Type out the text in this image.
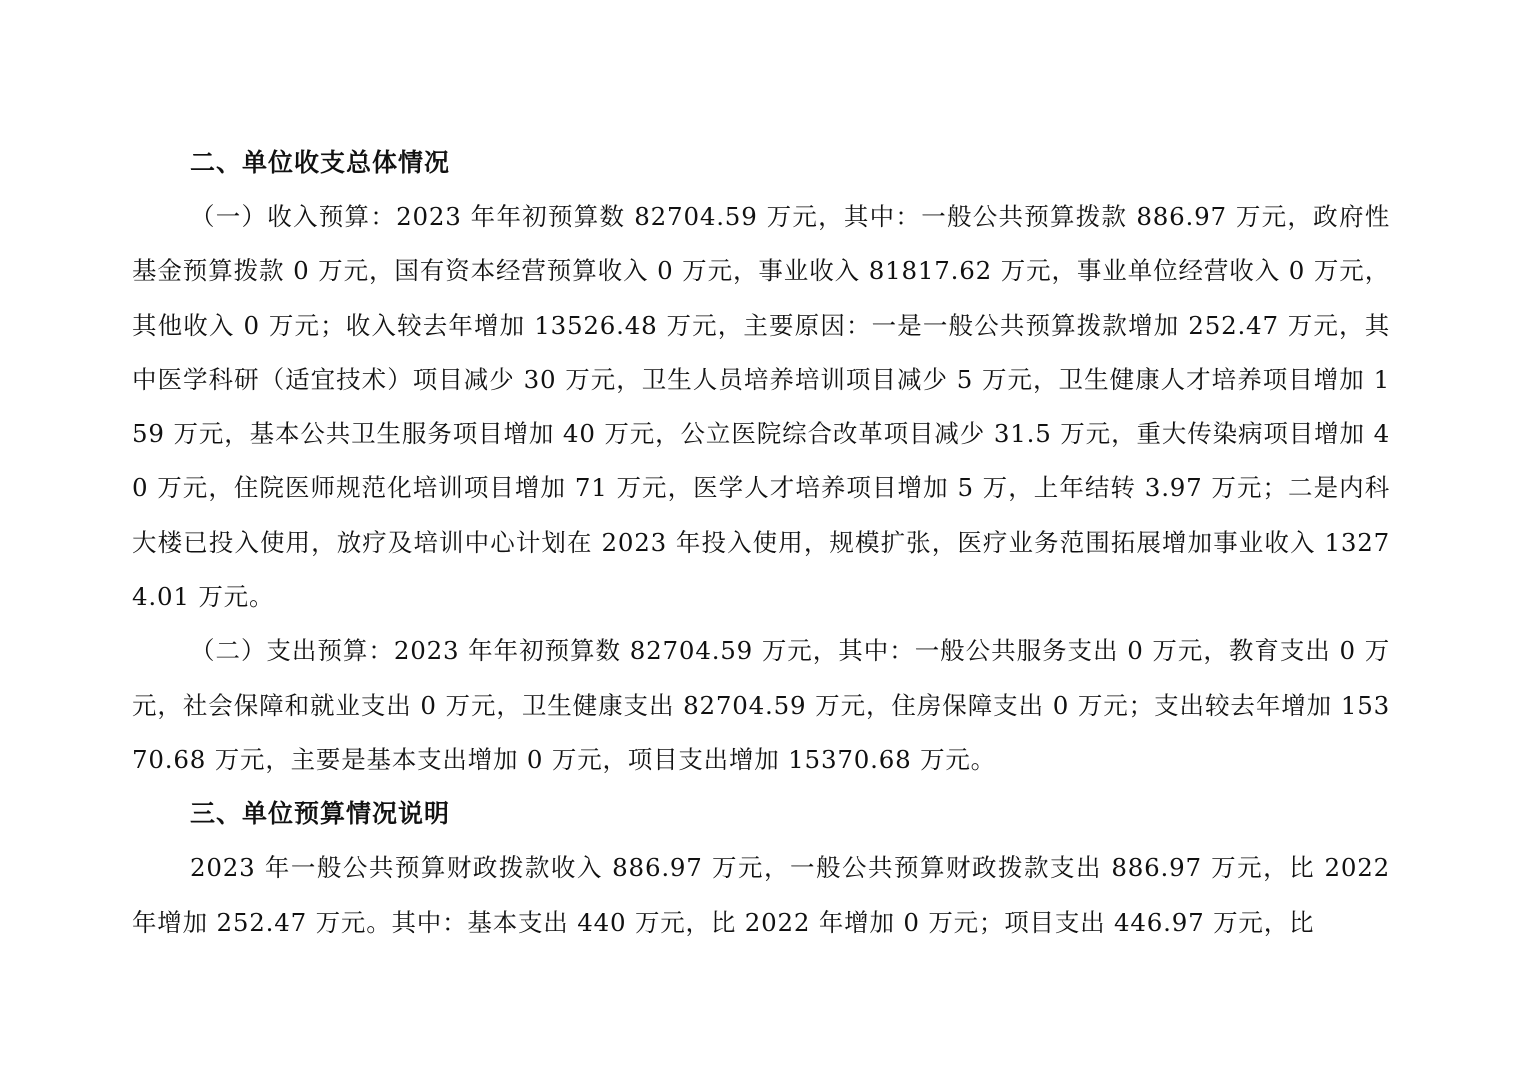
二、单位收支总体情况

（一）收入预算：2023 年年初预算数 82704.59 万元，其中：一般公共预算拨款 886.97 万元，政府性基金预算拨款 0 万元，国有资本经营预算收入 0 万元，事业收入 81817.62 万元，事业单位经营收入 0 万元，其他收入 0 万元；收入较去年增加 13526.48 万元，主要原因：一是一般公共预算拨款增加 252.47 万元，其中医学科研（适宜技术）项目减少 30 万元，卫生人员培养培训项目减少 5 万元，卫生健康人才培养项目增加 159 万元，基本公共卫生服务项目增加 40 万元，公立医院综合改革项目减少 31.5 万元，重大传染病项目增加 40 万元，住院医师规范化培训项目增加 71 万元，医学人才培养项目增加 5 万，上年结转 3.97 万元；二是内科大楼已投入使用，放疗及培训中心计划在 2023 年投入使用，规模扩张，医疗业务范围拓展增加事业收入 13274.01 万元。

（二）支出预算：2023 年年初预算数 82704.59 万元，其中：一般公共服务支出 0 万元，教育支出 0 万元，社会保障和就业支出 0 万元，卫生健康支出 82704.59 万元，住房保障支出 0 万元；支出较去年增加 15370.68 万元，主要是基本支出增加 0 万元，项目支出增加 15370.68 万元。

三、单位预算情况说明

2023 年一般公共预算财政拨款收入 886.97 万元，一般公共预算财政拨款支出 886.97 万元，比 2022 年增加 252.47 万元。其中：基本支出 440 万元，比 2022 年增加 0 万元；项目支出 446.97 万元，比
